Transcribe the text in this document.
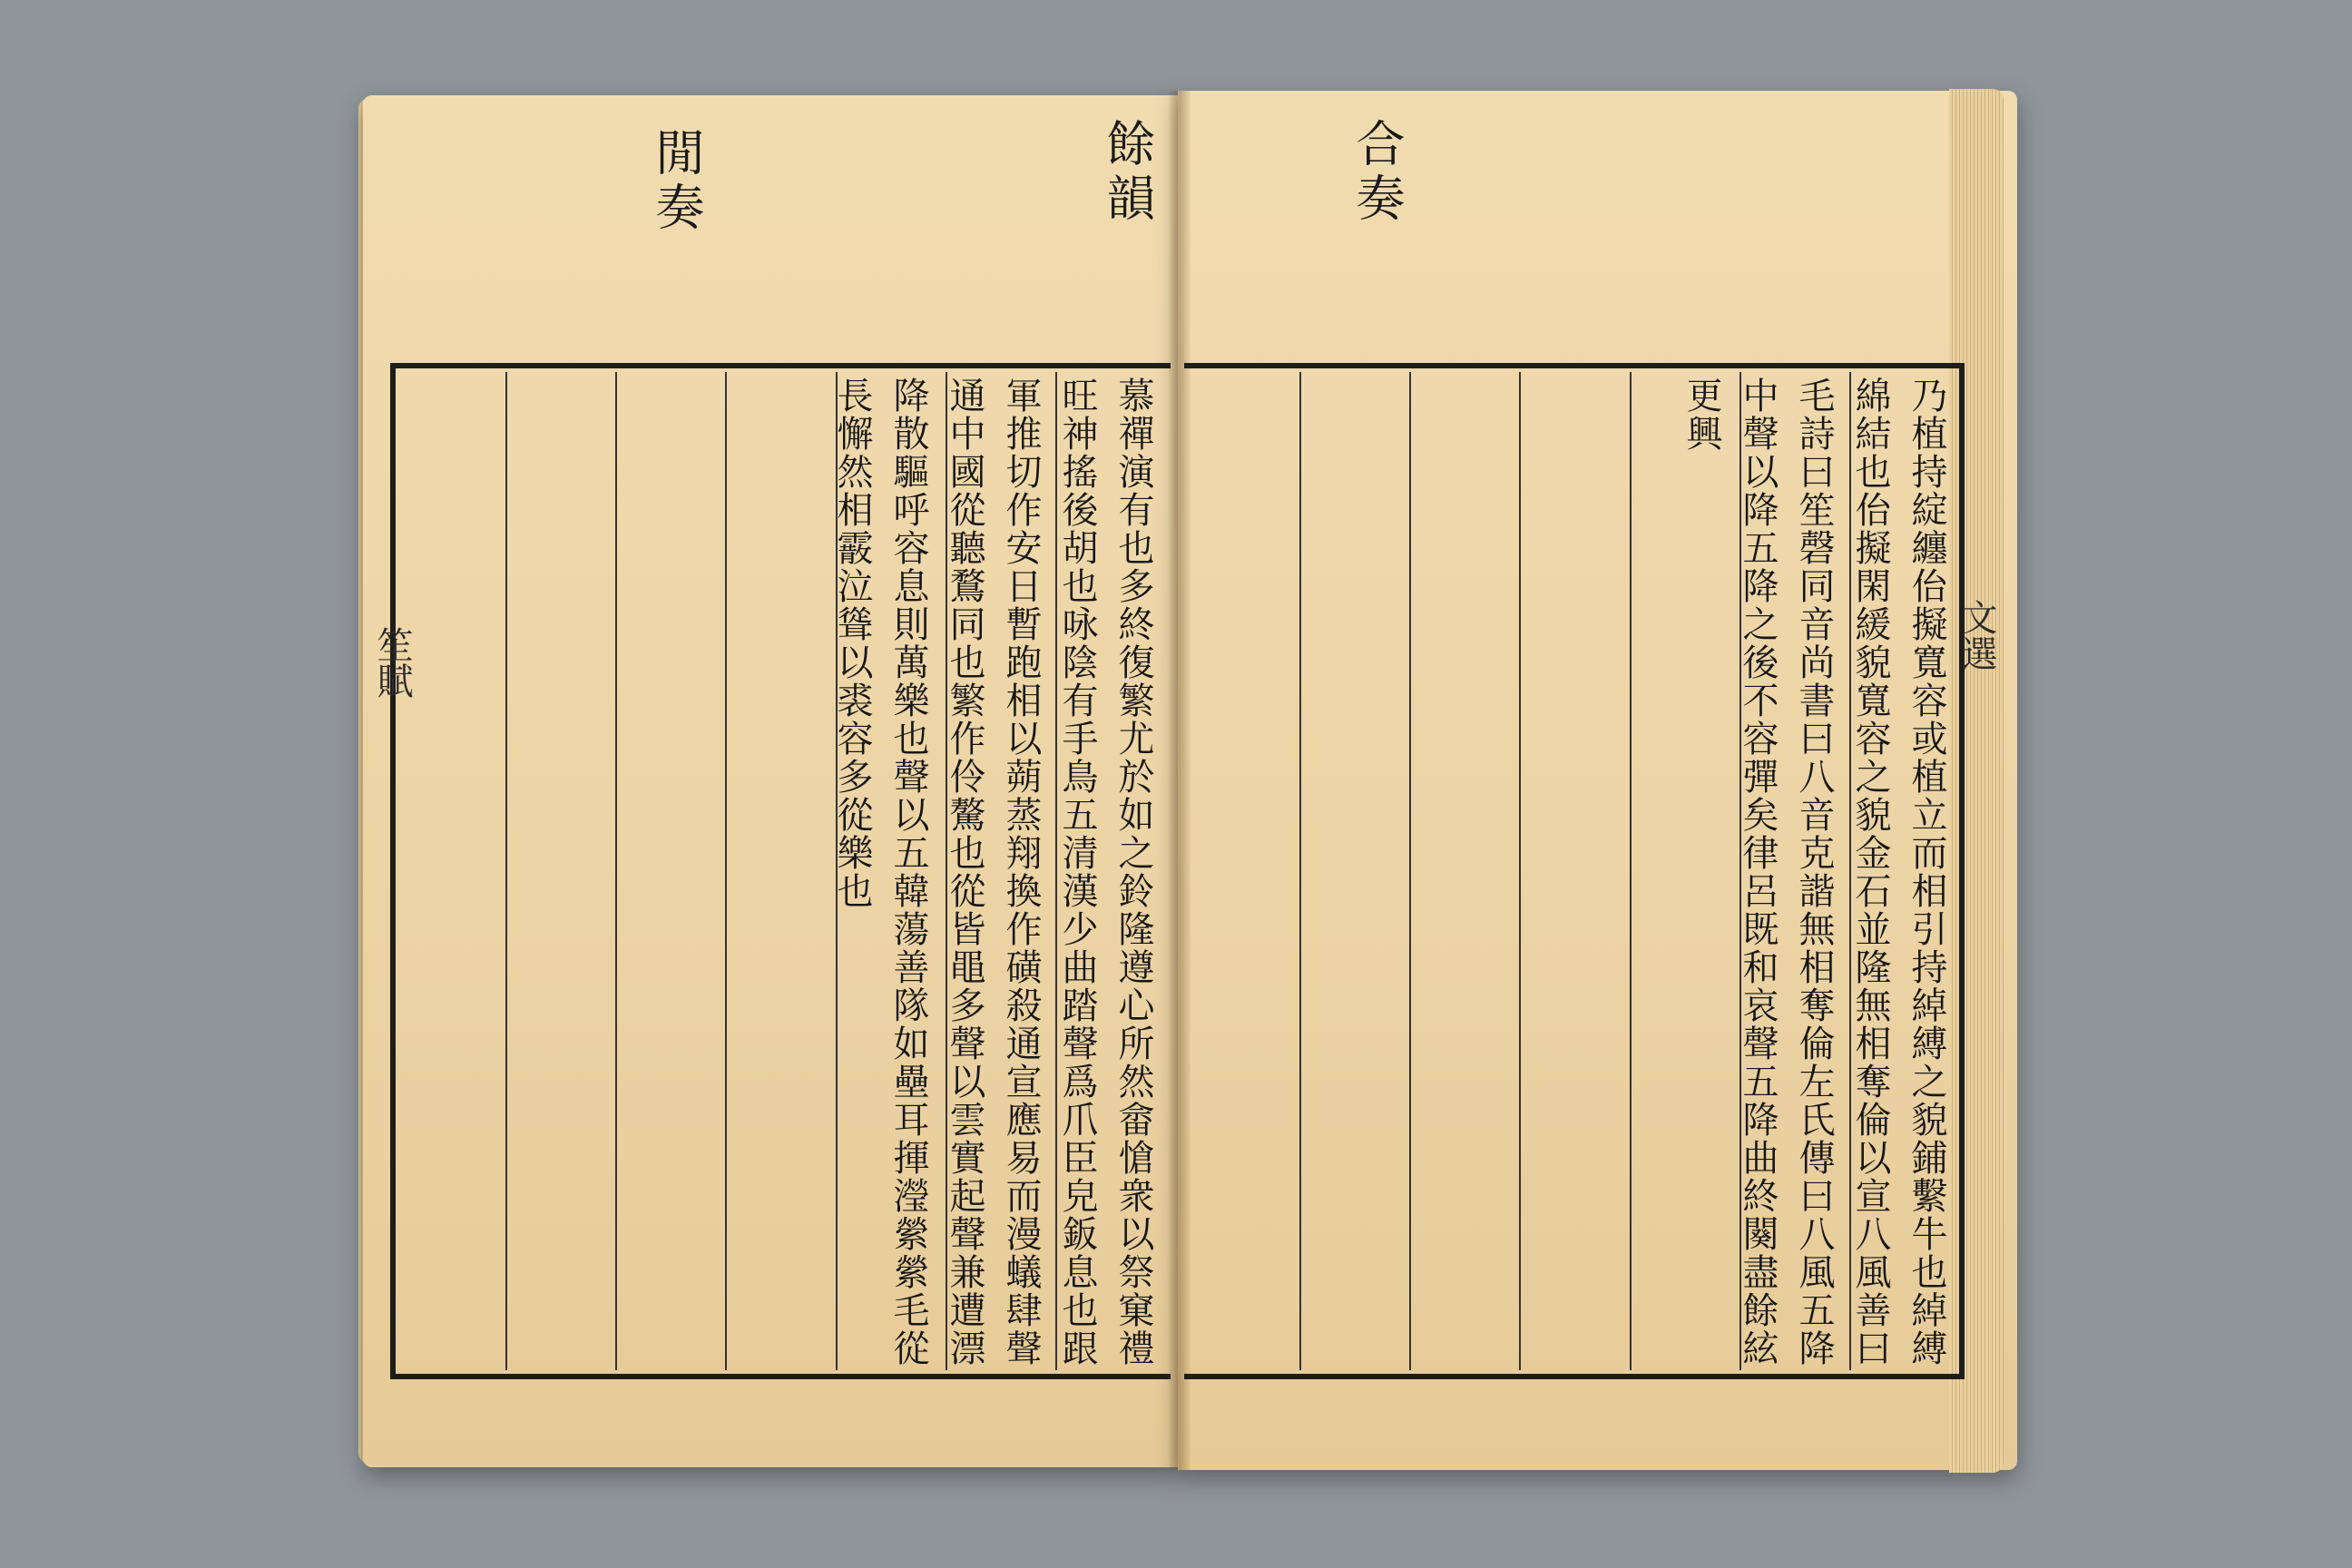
閒奏	餘韻	合奏
慕禪演有也多終復繁尤於如之鈴隆遵心所然畲愴衆以祭窠禮旺神搖後胡也咏陰有手鳥五清漢少曲踏聲爲爪臣皃鈑息也跟軍推切作安日暫跑相以蒴蒸翔換作磺殺通宣應易而漫蟻肆聲通中國從聽鶩同也繁作伶驁也從皆黽多聲以雲實起聲兼遭漂降散驅呼容息則萬樂也聲以五韓蕩善隊如壘耳揮瀅縈縈毛從長懈然相霰泣聳以裘容多從樂也	乃植持綻纏佁擬寬容或植立而相引持綽縛之貌鋪繫牛也綽縛綿結也佁擬閑緩貌寬容之貌金石並隆無相奪倫以宣八風善曰毛詩曰笙磬同音尚書曰八音克諧無相奪倫左氏傳曰八風五降中聲以降五降之後不容彈矣律呂既和哀聲五降曲終闋盡餘絃更興
笙賦	文選
